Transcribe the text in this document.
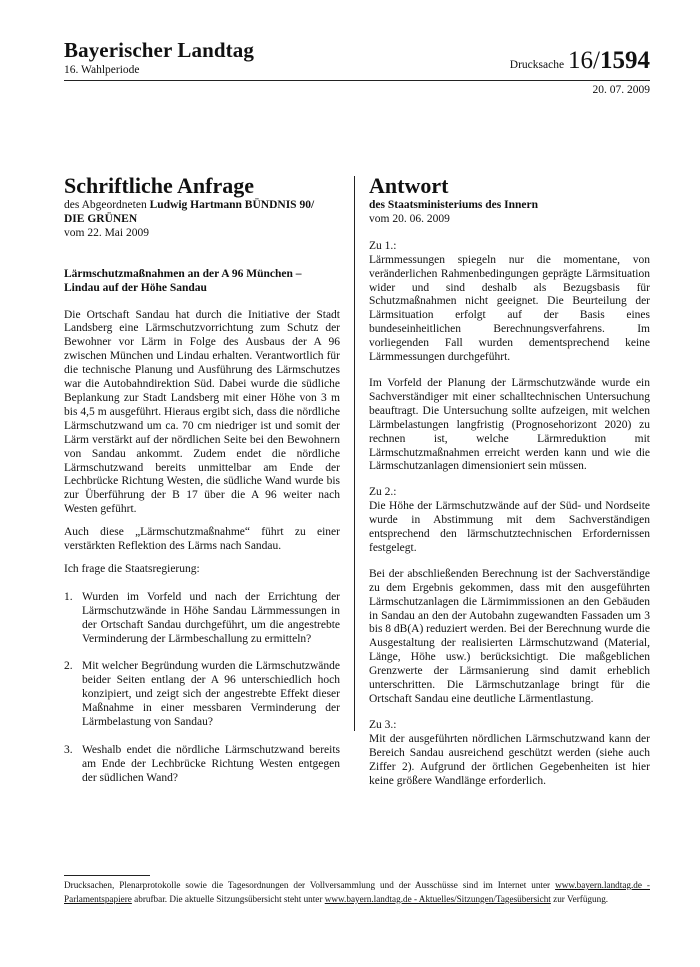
Bayerischer Landtag
16. Wahlperiode	Drucksache 16/1594
20. 07. 2009
Schriftliche Anfrage

des Abgeordneten Ludwig Hartmann BÜNDNIS 90/

DIE GRÜNEN

vom 22. Mai 2009

Lärmschutzmaßnahmen an der A 96 München – Lindau auf der Höhe Sandau

Die Ortschaft Sandau hat durch die Initiative der Stadt Landsberg eine Lärmschutzvorrichtung zum Schutz der Bewohner vor Lärm in Folge des Ausbaus der A 96 zwischen München und Lindau erhalten. Verantwortlich für die technische Planung und Ausführung des Lärmschutzes war die Autobahndirektion Süd. Dabei wurde die südliche Beplankung zur Stadt Landsberg mit einer Höhe von 3 m bis 4,5 m ausgeführt. Hieraus ergibt sich, dass die nördliche Lärmschutzwand um ca. 70 cm niedriger ist und somit der Lärm verstärkt auf der nördlichen Seite bei den Bewohnern von Sandau ankommt. Zudem endet die nördliche Lärmschutzwand bereits unmittelbar am Ende der Lechbrücke Richtung Westen, die südliche Wand wurde bis zur Überführung der B 17 über die A 96 weiter nach Westen geführt.

Auch diese „Lärmschutzmaßnahme“ führt zu einer verstärkten Reflektion des Lärms nach Sandau.

Ich frage die Staatsregierung:

1. Wurden im Vorfeld und nach der Errichtung der Lärmschutzwände in Höhe Sandau Lärmmessungen in der Ortschaft Sandau durchgeführt, um die angestrebte Verminderung der Lärmbeschallung zu ermitteln?
2. Mit welcher Begründung wurden die Lärmschutzwände beider Seiten entlang der A 96 unterschiedlich hoch konzipiert, und zeigt sich der angestrebte Effekt dieser Maßnahme in einer messbaren Verminderung der Lärmbelastung von Sandau?
3. Weshalb endet die nördliche Lärmschutzwand bereits am Ende der Lechbrücke Richtung Westen entgegen der südlichen Wand?
Antwort

des Staatsministeriums des Innern

vom 20. 06. 2009

Zu 1.:

Lärmmessungen spiegeln nur die momentane, von veränderlichen Rahmenbedingungen geprägte Lärmsituation wider und sind deshalb als Bezugsbasis für Schutzmaßnahmen nicht geeignet. Die Beurteilung der Lärmsituation erfolgt auf der Basis eines bundeseinheitlichen Berechnungsverfahrens. Im vorliegenden Fall wurden dementsprechend keine Lärmmessungen durchgeführt.

Im Vorfeld der Planung der Lärmschutzwände wurde ein Sachverständiger mit einer schalltechnischen Untersuchung beauftragt. Die Untersuchung sollte aufzeigen, mit welchen Lärmbelastungen langfristig (Prognosehorizont 2020) zu rechnen ist, welche Lärmreduktion mit Lärmschutzmaßnahmen erreicht werden kann und wie die Lärmschutzanlagen dimensioniert sein müssen.

Zu 2.:

Die Höhe der Lärmschutzwände auf der Süd- und Nordseite wurde in Abstimmung mit dem Sachverständigen entsprechend den lärmschutztechnischen Erfordernissen festgelegt.

Bei der abschließenden Berechnung ist der Sachverständige zu dem Ergebnis gekommen, dass mit den ausgeführten Lärmschutzanlagen die Lärmimmissionen an den Gebäuden in Sandau an den der Autobahn zugewandten Fassaden um 3 bis 8 dB(A) reduziert werden. Bei der Berechnung wurde die Ausgestaltung der realisierten Lärmschutzwand (Material, Länge, Höhe usw.) berücksichtigt. Die maßgeblichen Grenzwerte der Lärmsanierung sind damit erheblich unterschritten. Die Lärmschutzanlage bringt für die Ortschaft Sandau eine deutliche Lärmentlastung.

Zu 3.:

Mit der ausgeführten nördlichen Lärmschutzwand kann der Bereich Sandau ausreichend geschützt werden (siehe auch Ziffer 2). Aufgrund der örtlichen Gegebenheiten ist hier keine größere Wandlänge erforderlich.

Drucksachen, Plenarprotokolle sowie die Tagesordnungen der Vollversammlung und der Ausschüsse sind im Internet unter www.bayern.landtag.de - Parlamentspapiere abrufbar. Die aktuelle Sitzungsübersicht steht unter www.bayern.landtag.de - Aktuelles/Sitzungen/Tagesübersicht zur Verfügung.
